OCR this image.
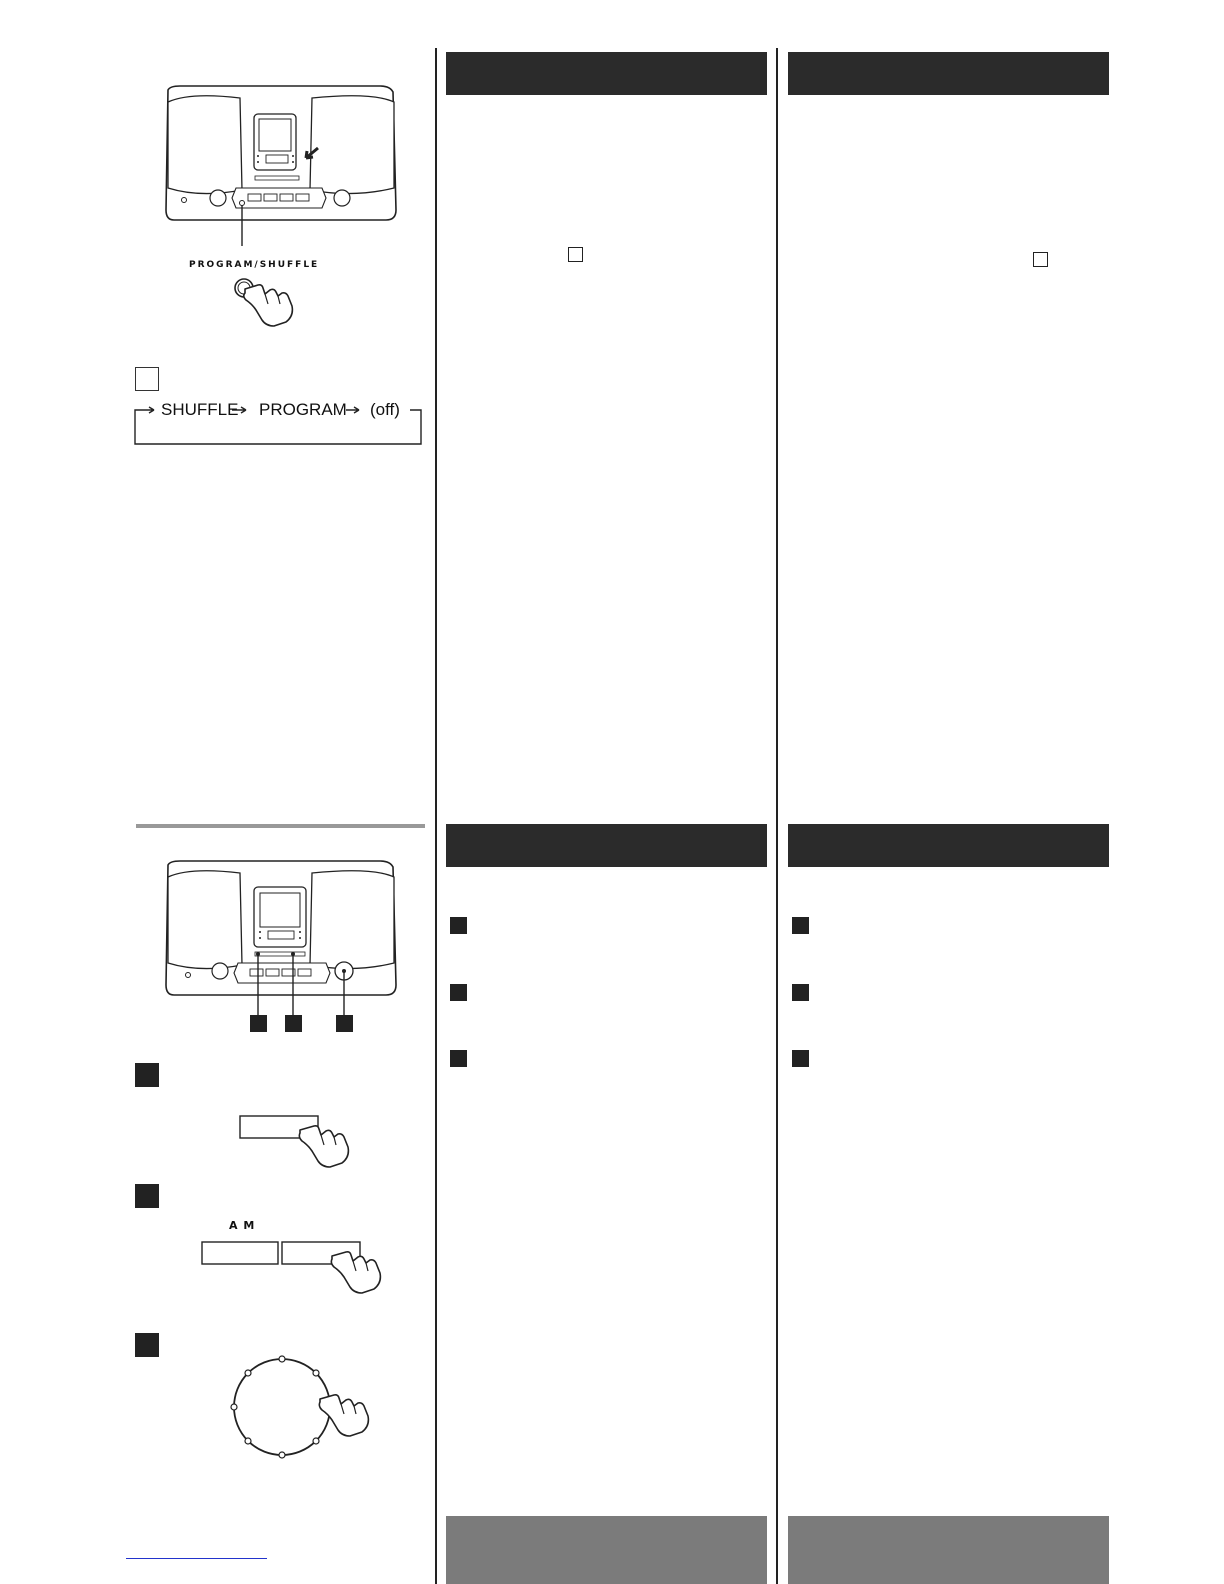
PROGRAM/SHUFFLE
SHUFFLE PROGRAM (off)
A M
